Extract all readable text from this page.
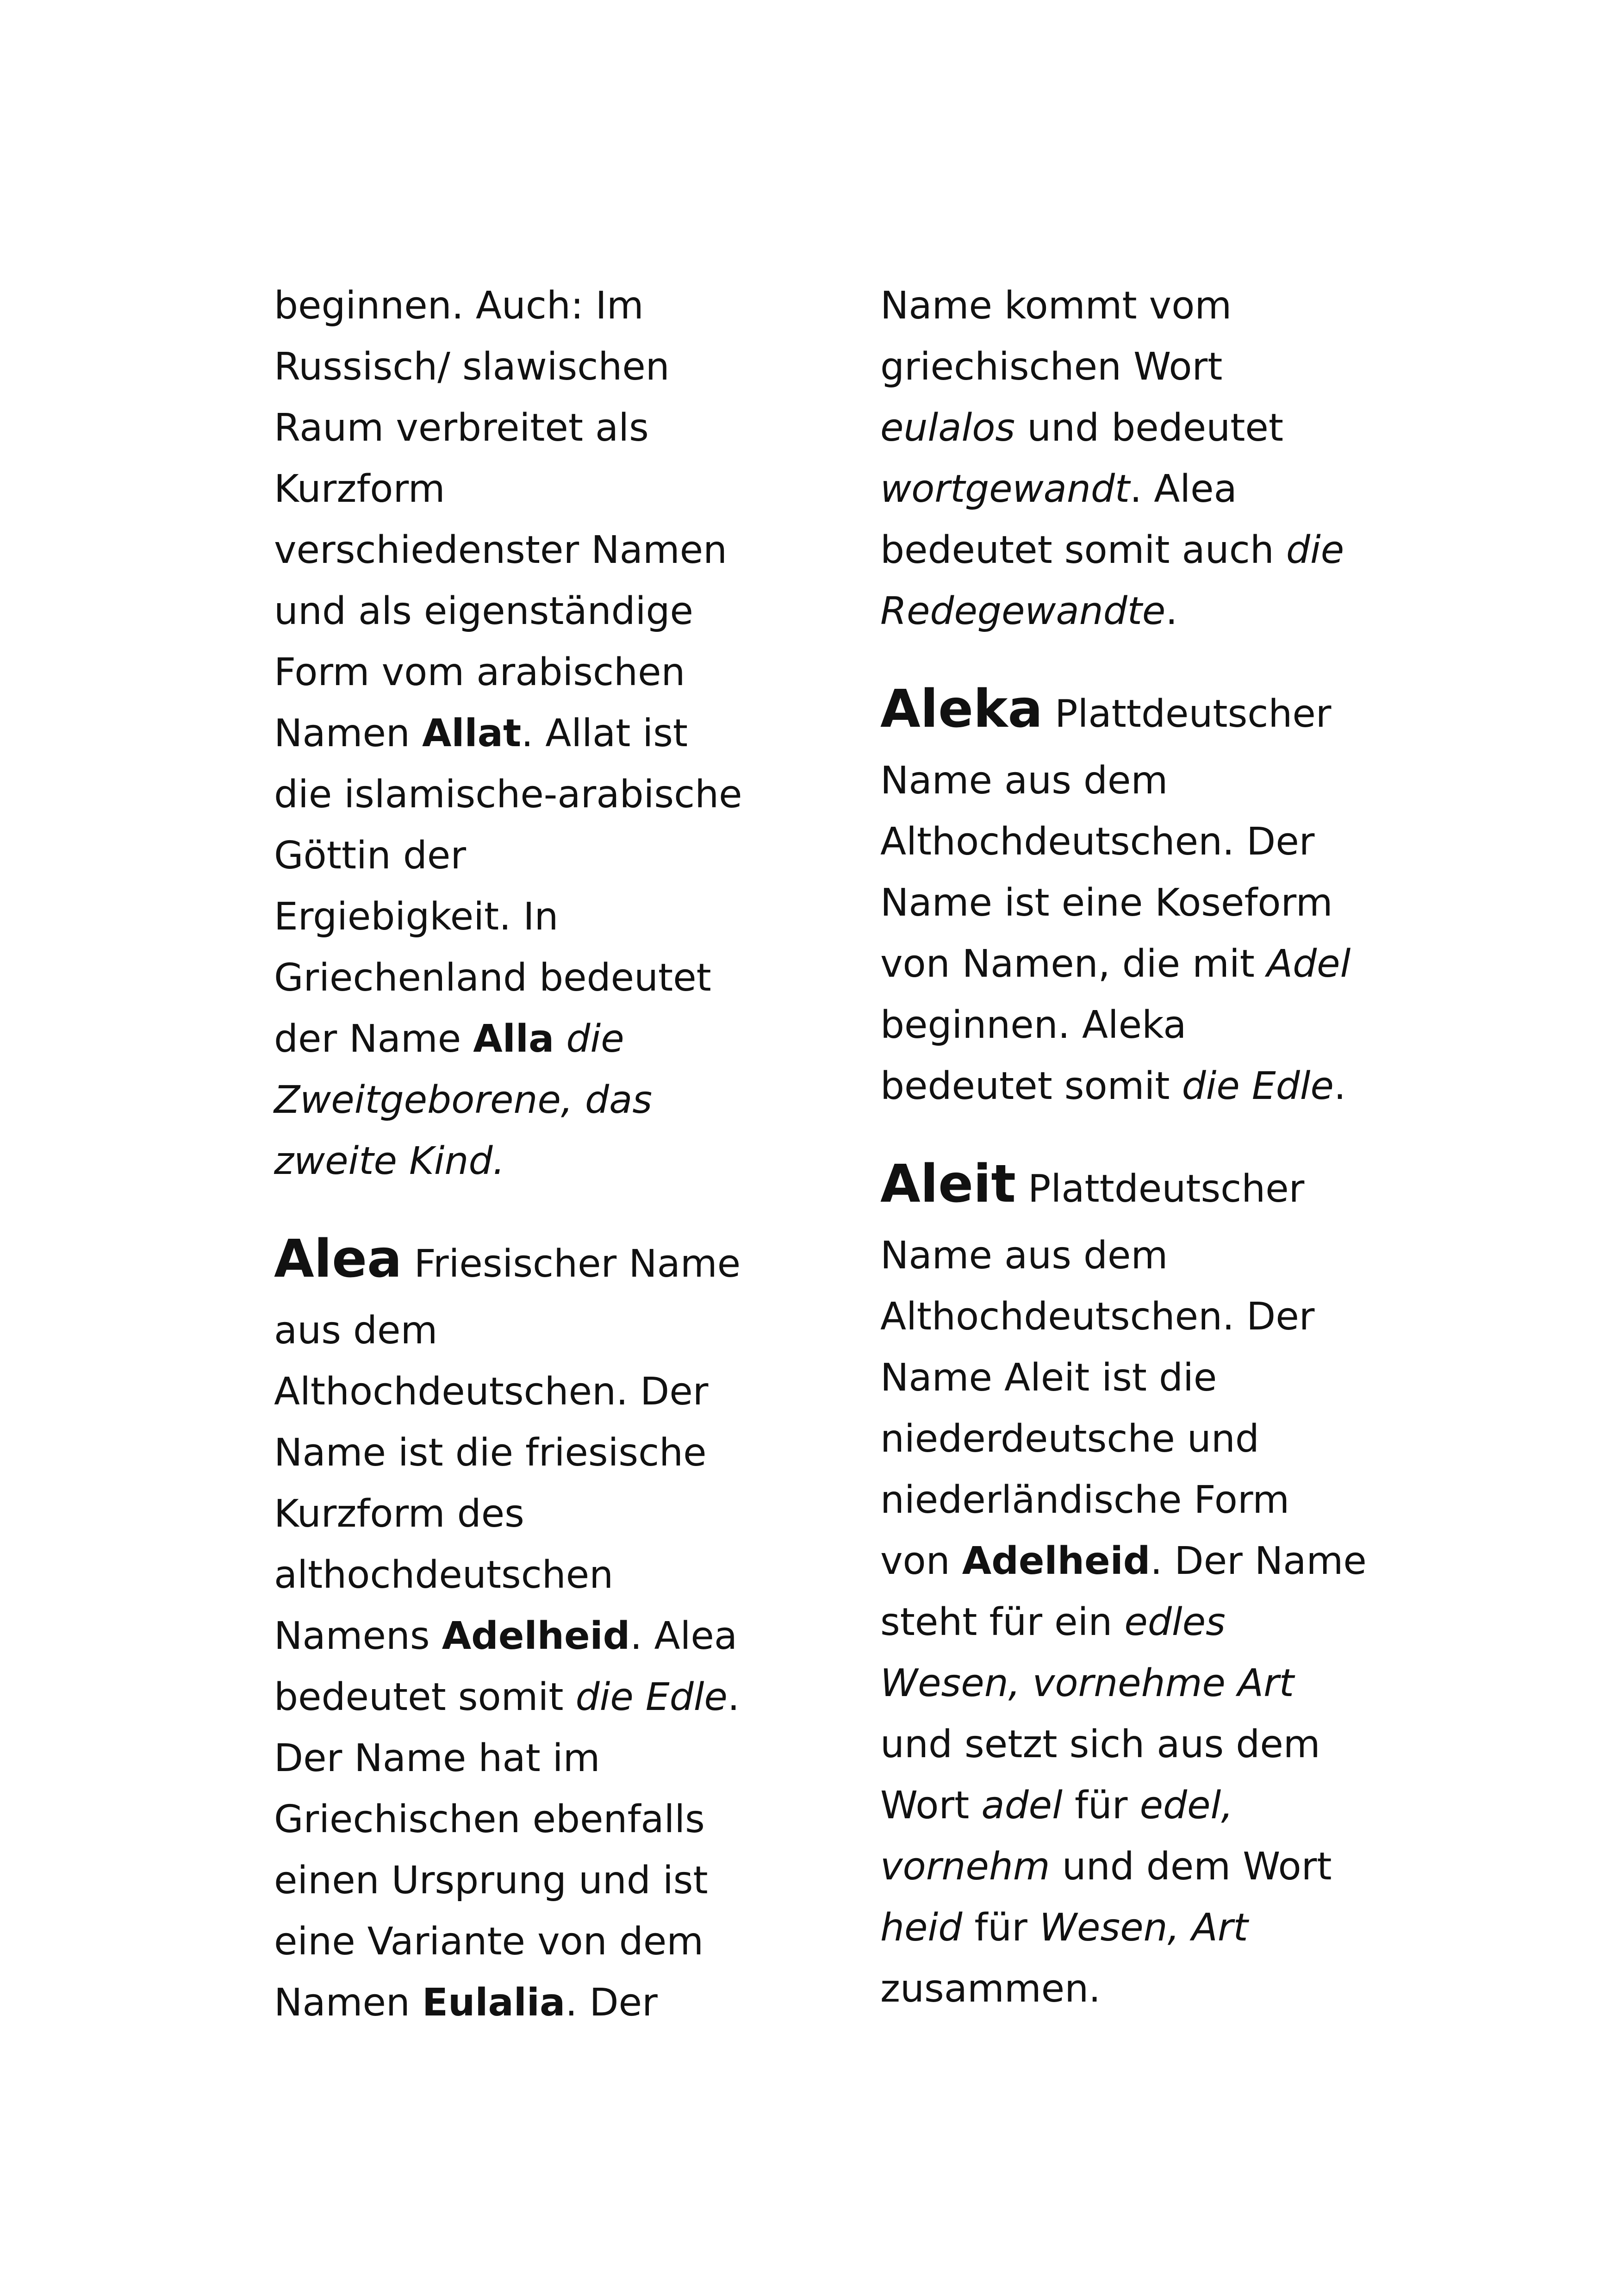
beginnen. Auch: Im
Russisch/ slawischen
Raum verbreitet als
Kurzform
verschiedenster Namen
und als eigenständige
Form vom arabischen
Namen Allat. Allat ist
die islamische-arabische
Göttin der
Ergiebigkeit. In
Griechenland bedeutet
der Name Alla die
Zweitgeborene, das
zweite Kind.
Alea Friesischer Name
aus dem
Althochdeutschen. Der
Name ist die friesische
Kurzform des
althochdeutschen
Namens Adelheid. Alea
bedeutet somit die Edle.
Der Name hat im
Griechischen ebenfalls
einen Ursprung und ist
eine Variante von dem
Namen Eulalia. Der
Name kommt vom
griechischen Wort
eulalos und bedeutet
wortgewandt. Alea
bedeutet somit auch die
Redegewandte.
Aleka Plattdeutscher
Name aus dem
Althochdeutschen. Der
Name ist eine Koseform
von Namen, die mit Adel
beginnen. Aleka
bedeutet somit die Edle.
Aleit Plattdeutscher
Name aus dem
Althochdeutschen. Der
Name Aleit ist die
niederdeutsche und
niederländische Form
von Adelheid. Der Name
steht für ein edles
Wesen, vornehme Art
und setzt sich aus dem
Wort adel für edel,
vornehm und dem Wort
heid für Wesen, Art
zusammen.
